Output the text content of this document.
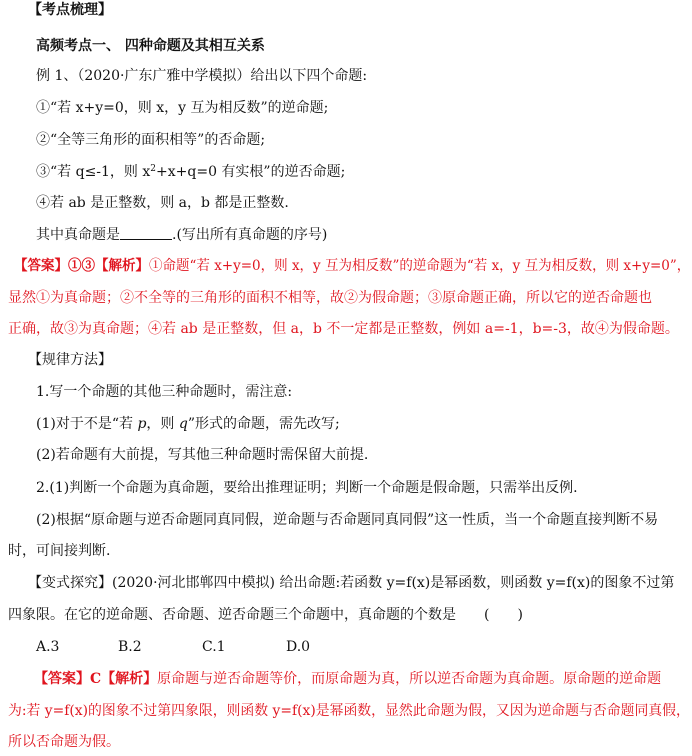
【考点梳理】
高频考点一、 四种命题及其相互关系
例 1、（2020·广东广雅中学模拟）给出以下四个命题:
①“若 x+y=0，则 x，y 互为相反数”的逆命题;
②“全等三角形的面积相等”的否命题;
③“若 q≤-1，则 $x^2+x+q=0$ 有实根”的逆否命题;
④若 ab 是正整数，则 a，b 都是正整数.
其中真命题是	.(写出所有真命题的序号)
【答案】①③【解析】①命题“若 x+y=0，则 x，y 互为相反数”的逆命题为“若 x，y 互为相反数，则 x+y=0”，
显然①为真命题；②不全等的三角形的面积不相等，故②为假命题；③原命题正确，所以它的逆否命题也
正确，故③为真命题；④若 ab 是正整数，但 a，b 不一定都是正整数，例如 a=-1，b=-3，故④为假命题。
【规律方法】
1.写一个命题的其他三种命题时，需注意:
(1)对于不是“若 p，则 q”形式的命题，需先改写;
(2)若命题有大前提，写其他三种命题时需保留大前提.
2.(1)判断一个命题为真命题，要给出推理证明；判断一个命题是假命题，只需举出反例.
(2)根据“原命题与逆否命题同真同假，逆命题与否命题同真同假”这一性质，当一个命题直接判断不易
时，可间接判断.
【变式探究】(2020·河北邯郸四中模拟) 给出命题:若函数 y=f(x)是幂函数，则函数 y=f(x)的图象不过第
四象限。在它的逆命题、否命题、逆否命题三个命题中，真命题的个数是　　(　　)
A.3	B.2	C.1	D.0
【答案】C【解析】原命题与逆否命题等价，而原命题为真，所以逆否命题为真命题。原命题的逆命题
为:若 y=f(x)的图象不过第四象限，则函数 y=f(x)是幂函数，显然此命题为假，又因为逆命题与否命题同真假，
所以否命题为假。
